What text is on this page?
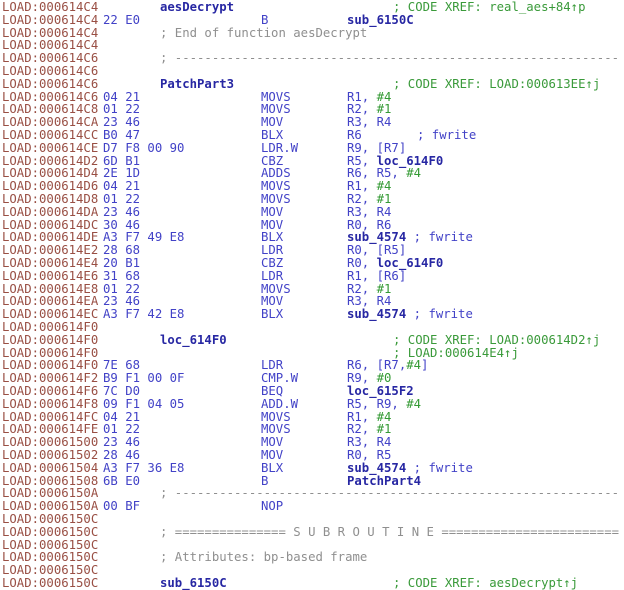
LOAD:000614C4	aesDecrypt	; CODE XREF: real_aes+84↑p
LOAD:000614C4 22 E0	B	sub_6150C
LOAD:000614C4	; End of function aesDecrypt
LOAD:000614C4
LOAD:000614C6	; ------------------------------------------------------------
LOAD:000614C6
LOAD:000614C6	PatchPart3	; CODE XREF: LOAD:000613EE↑j
LOAD:000614C6 04 21	MOVS	R1, #4
LOAD:000614C8 01 22	MOVS	R2, #1
LOAD:000614CA 23 46	MOV	R3, R4
LOAD:000614CC B0 47	BLX	R6	; fwrite
LOAD:000614CE D7 F8 00 90	LDR.W	R9, [R7]
LOAD:000614D2 6D B1	CBZ	R5, loc_614F0
LOAD:000614D4 2E 1D	ADDS	R6, R5, #4
LOAD:000614D6 04 21	MOVS	R1, #4
LOAD:000614D8 01 22	MOVS	R2, #1
LOAD:000614DA 23 46	MOV	R3, R4
LOAD:000614DC 30 46	MOV	R0, R6
LOAD:000614DE A3 F7 49 E8	BLX	sub_4574 ; fwrite
LOAD:000614E2 28 68	LDR	R0, [R5]
LOAD:000614E4 20 B1	CBZ	R0, loc_614F0
LOAD:000614E6 31 68	LDR	R1, [R6]
LOAD:000614E8 01 22	MOVS	R2, #1
LOAD:000614EA 23 46	MOV	R3, R4
LOAD:000614EC A3 F7 42 E8	BLX	sub_4574 ; fwrite
LOAD:000614F0
LOAD:000614F0	loc_614F0	; CODE XREF: LOAD:000614D2↑j
LOAD:000614F0	; LOAD:000614E4↑j
LOAD:000614F0 7E 68	LDR	R6, [R7,#4]
LOAD:000614F2 B9 F1 00 0F	CMP.W	R9, #0
LOAD:000614F6 7C D0	BEQ	loc_615F2
LOAD:000614F8 09 F1 04 05	ADD.W	R5, R9, #4
LOAD:000614FC 04 21	MOVS	R1, #4
LOAD:000614FE 01 22	MOVS	R2, #1
LOAD:00061500 23 46	MOV	R3, R4
LOAD:00061502 28 46	MOV	R0, R5
LOAD:00061504 A3 F7 36 E8	BLX	sub_4574 ; fwrite
LOAD:00061508 6B E0	B	PatchPart4
LOAD:0006150A	; ------------------------------------------------------------
LOAD:0006150A 00 BF	NOP
LOAD:0006150C
LOAD:0006150C	; =============== S U B R O U T I N E ========================
LOAD:0006150C
LOAD:0006150C	; Attributes: bp-based frame
LOAD:0006150C
LOAD:0006150C	sub_6150C	; CODE XREF: aesDecrypt↑j
